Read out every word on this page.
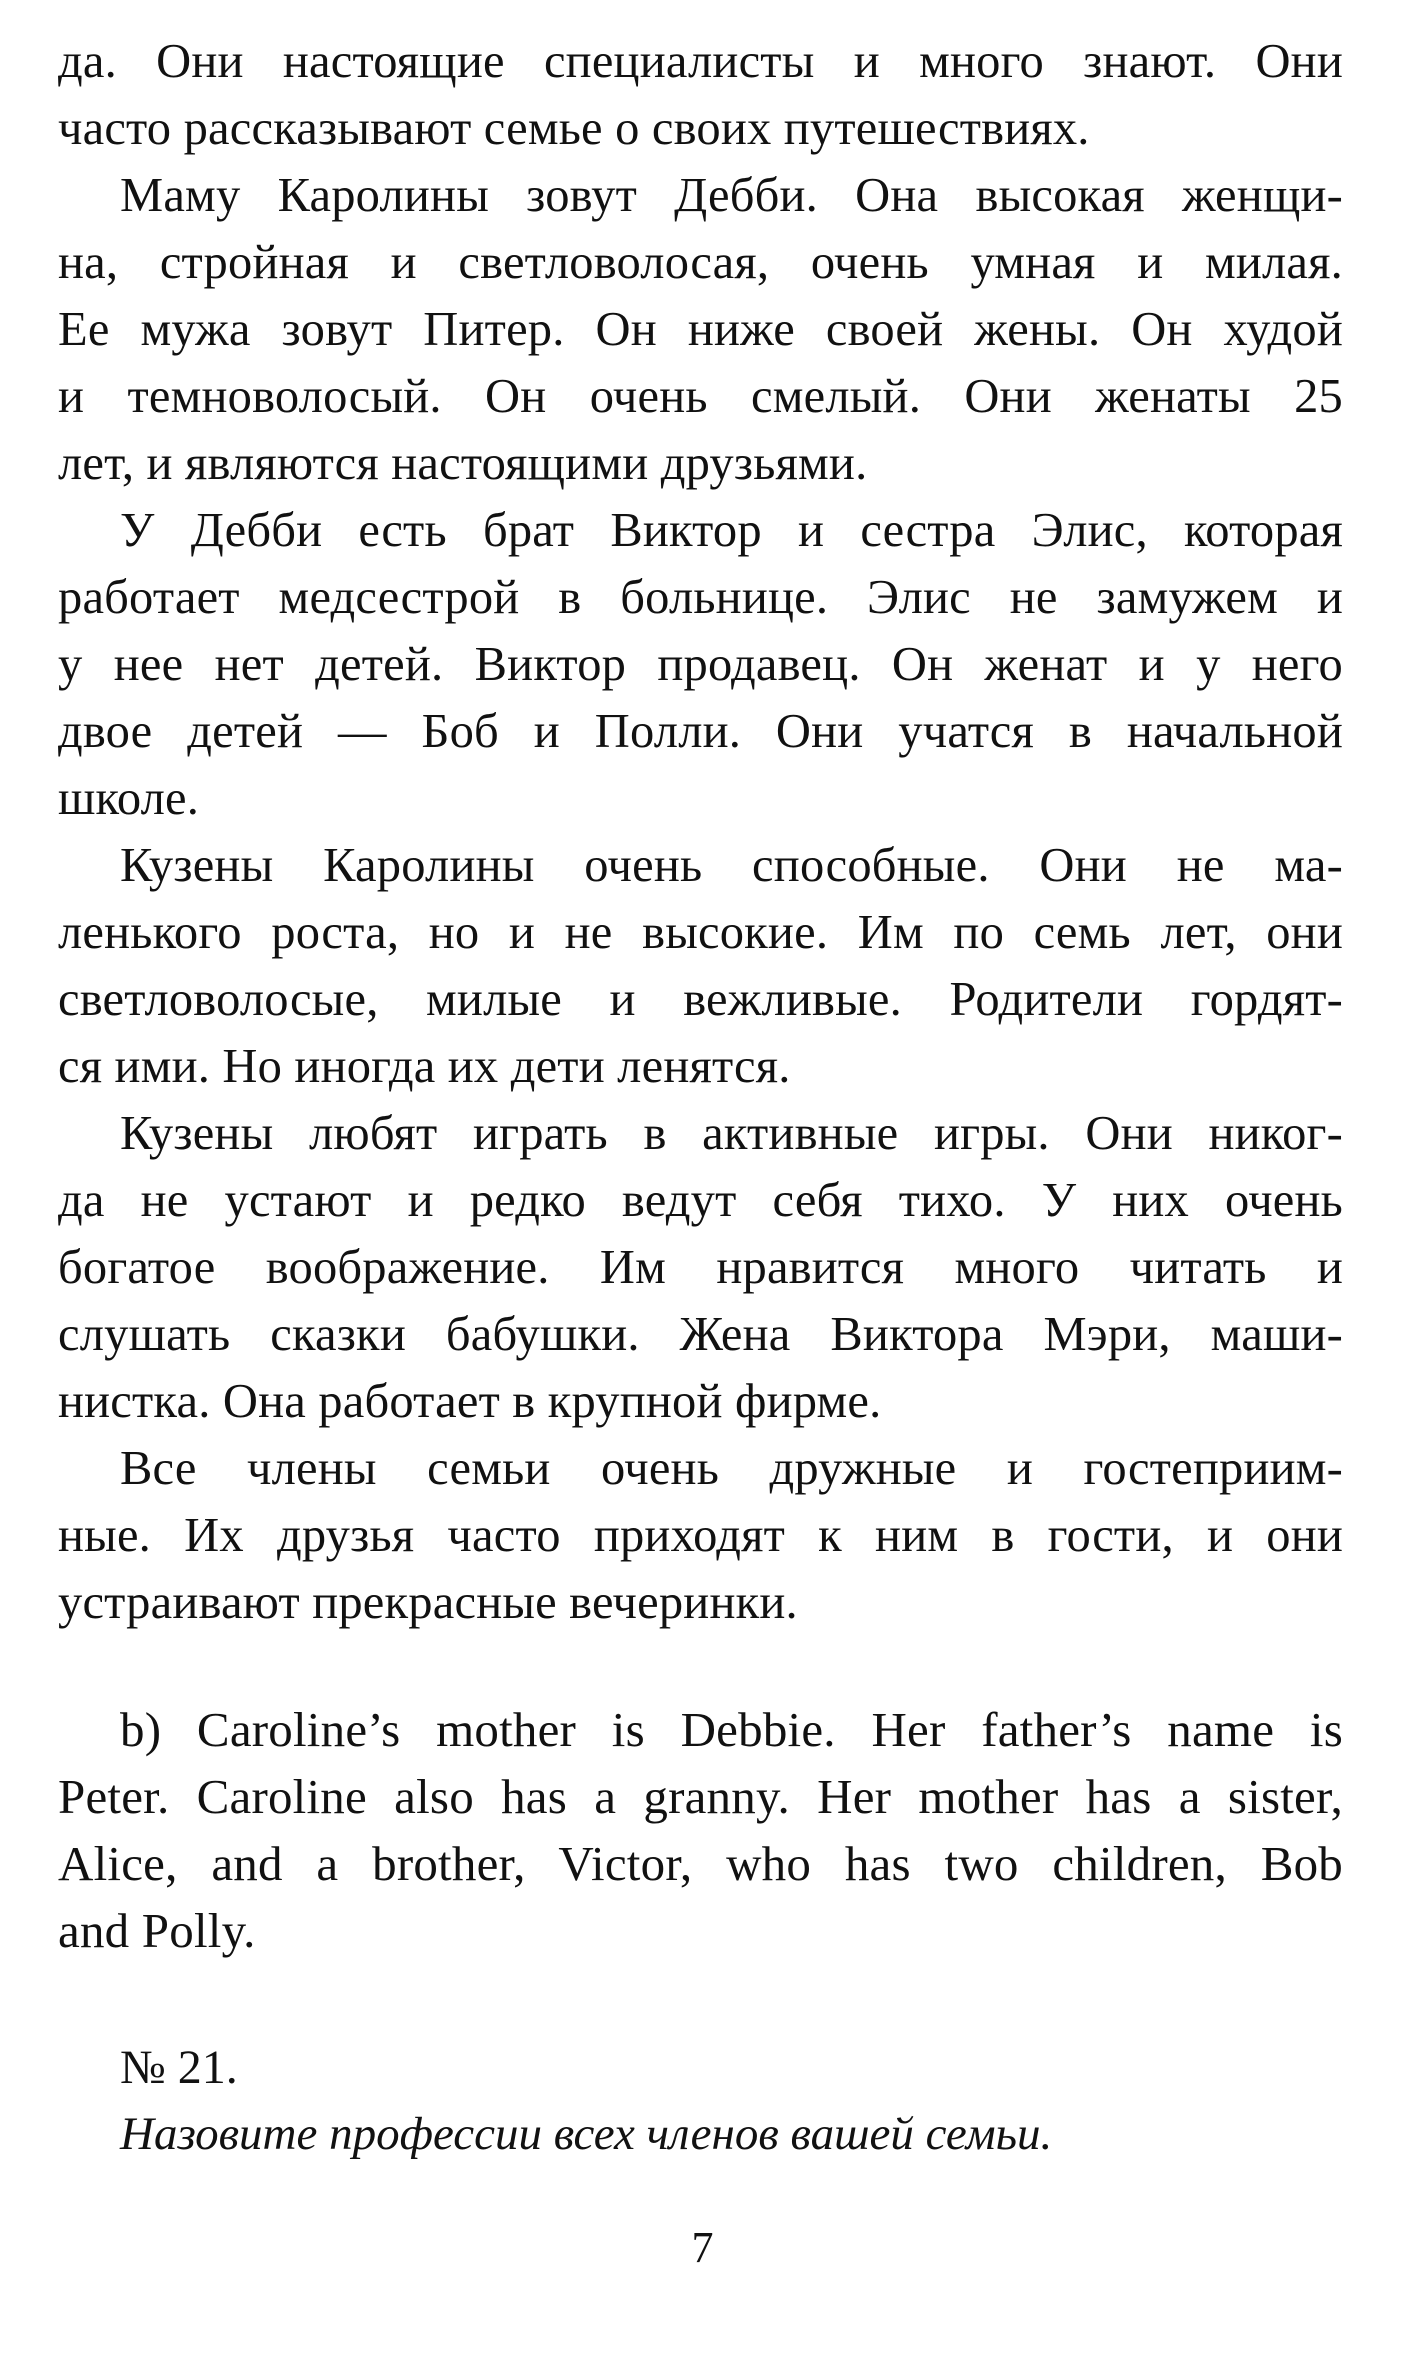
да. Они настоящие специалисты и много знают. Они
часто рассказывают семье о своих путешествиях.
Маму Каролины зовут Дебби. Она высокая женщи-
на, стройная и светловолосая, очень умная и милая.
Ее мужа зовут Питер. Он ниже своей жены. Он худой
и темноволосый. Он очень смелый. Они женаты 25
лет, и являются настоящими друзьями.
У Дебби есть брат Виктор и сестра Элис, которая
работает медсестрой в больнице. Элис не замужем и
у нее нет детей. Виктор продавец. Он женат и у него
двое детей — Боб и Полли. Они учатся в начальной
школе.
Кузены Каролины очень способные. Они не ма-
ленького роста, но и не высокие. Им по семь лет, они
светловолосые, милые и вежливые. Родители гордят-
ся ими. Но иногда их дети ленятся.
Кузены любят играть в активные игры. Они никог-
да не устают и редко ведут себя тихо. У них очень
богатое воображение. Им нравится много читать и
слушать сказки бабушки. Жена Виктора Мэри, маши-
нистка. Она работает в крупной фирме.
Все члены семьи очень дружные и гостеприим-
ные. Их друзья часто приходят к ним в гости, и они
устраивают прекрасные вечеринки.
b) Caroline’s mother is Debbie. Her father’s name is
Peter. Caroline also has a granny. Her mother has a sister,
Alice, and a brother, Victor, who has two children, Bob
and Polly.
№ 21.
Назовите профессии всех членов вашей семьи.
7
